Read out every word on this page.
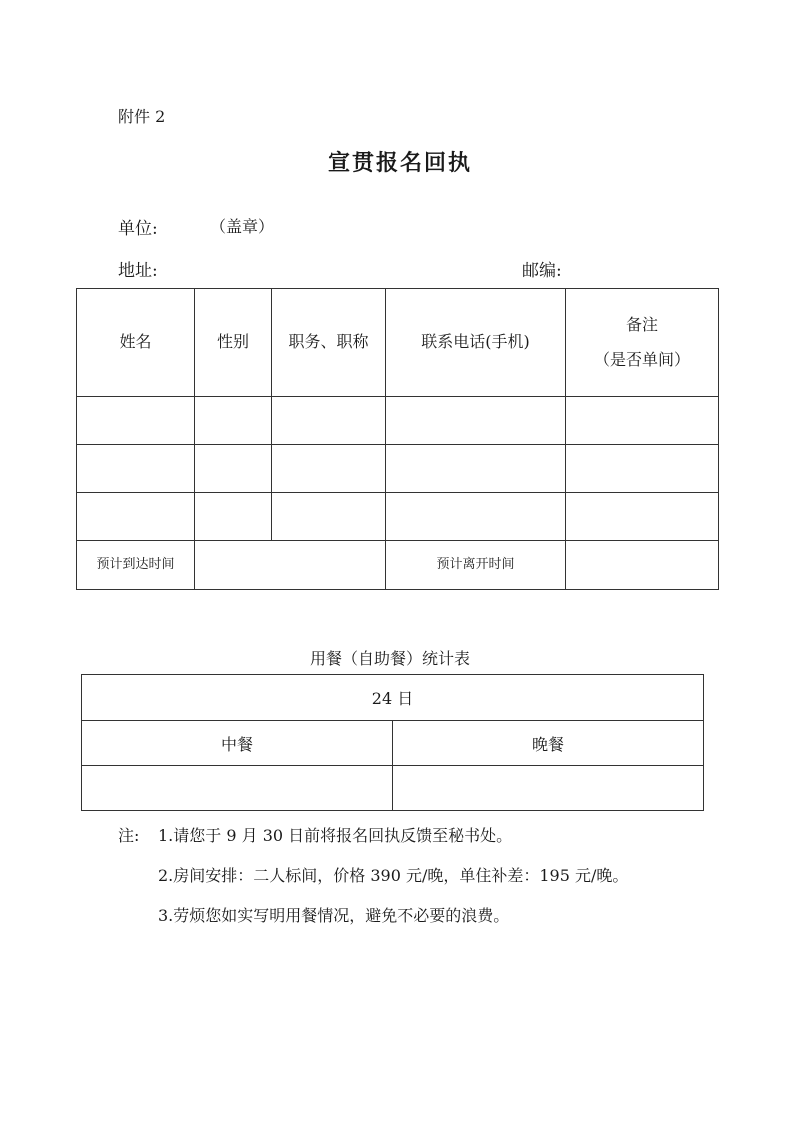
附件 2
宣贯报名回执
单位:	（盖章）
地址:	邮编:
姓名	性别	职务、职称	联系电话(手机)	备注
（是否单间）

预计到达时间			预计离开时间	
用餐（自助餐）统计表
24 日	
中餐	晚餐

注: 1.请您于 9 月 30 日前将报名回执反馈至秘书处。
2.房间安排：二人标间，价格 390 元/晚，单住补差：195 元/晚。
3.劳烦您如实写明用餐情况，避免不必要的浪费。
